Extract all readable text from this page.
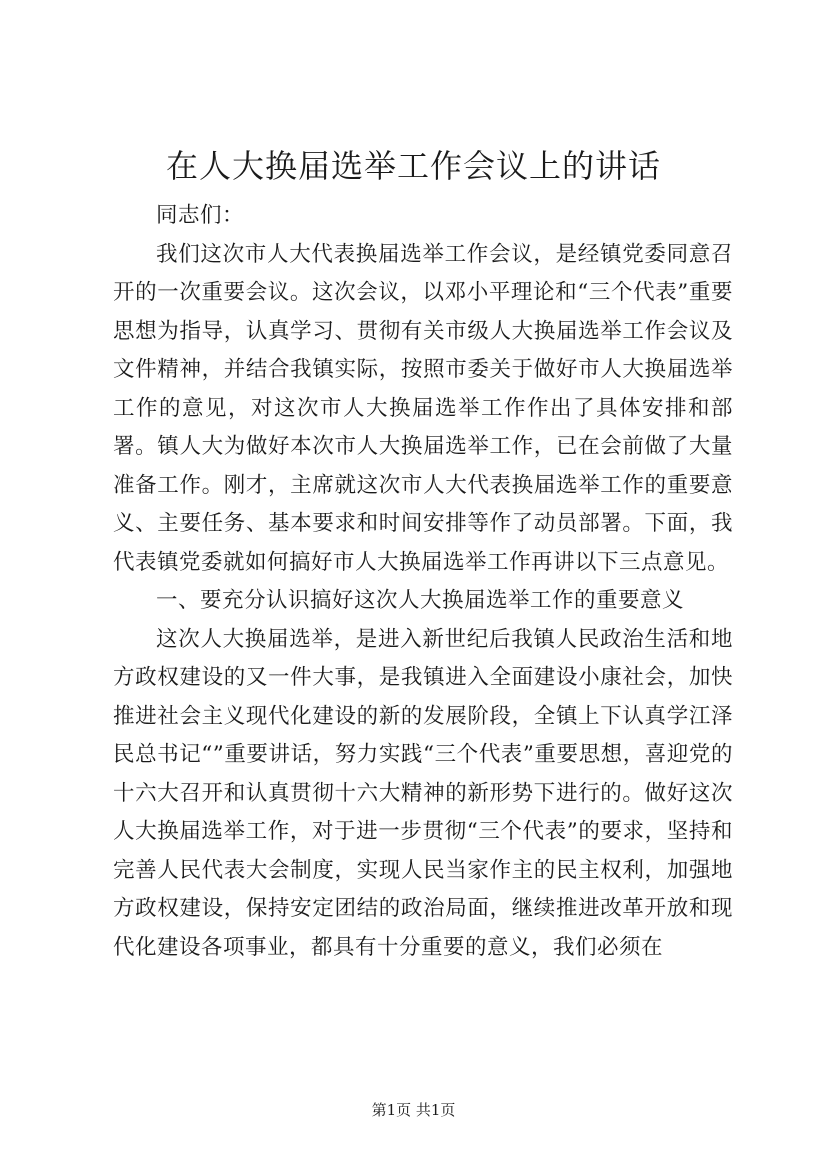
在人大换届选举工作会议上的讲话

同志们：

我们这次市人大代表换届选举工作会议，是经镇党委同意召开的一次重要会议。这次会议，以邓小平理论和“三个代表”重要思想为指导，认真学习、贯彻有关市级人大换届选举工作会议及文件精神，并结合我镇实际，按照市委关于做好市人大换届选举工作的意见，对这次市人大换届选举工作作出了具体安排和部署。镇人大为做好本次市人大换届选举工作，已在会前做了大量准备工作。刚才，主席就这次市人大代表换届选举工作的重要意义、主要任务、基本要求和时间安排等作了动员部署。下面，我代表镇党委就如何搞好市人大换届选举工作再讲以下三点意见。

一、要充分认识搞好这次人大换届选举工作的重要意义

这次人大换届选举，是进入新世纪后我镇人民政治生活和地方政权建设的又一件大事，是我镇进入全面建设小康社会，加快推进社会主义现代化建设的新的发展阶段，全镇上下认真学江泽民总书记“”重要讲话，努力实践“三个代表”重要思想，喜迎党的十六大召开和认真贯彻十六大精神的新形势下进行的。做好这次人大换届选举工作，对于进一步贯彻“三个代表”的要求，坚持和完善人民代表大会制度，实现人民当家作主的民主权利，加强地方政权建设，保持安定团结的政治局面，继续推进改革开放和现代化建设各项事业，都具有十分重要的意义，我们必须在

第1页 共1页
